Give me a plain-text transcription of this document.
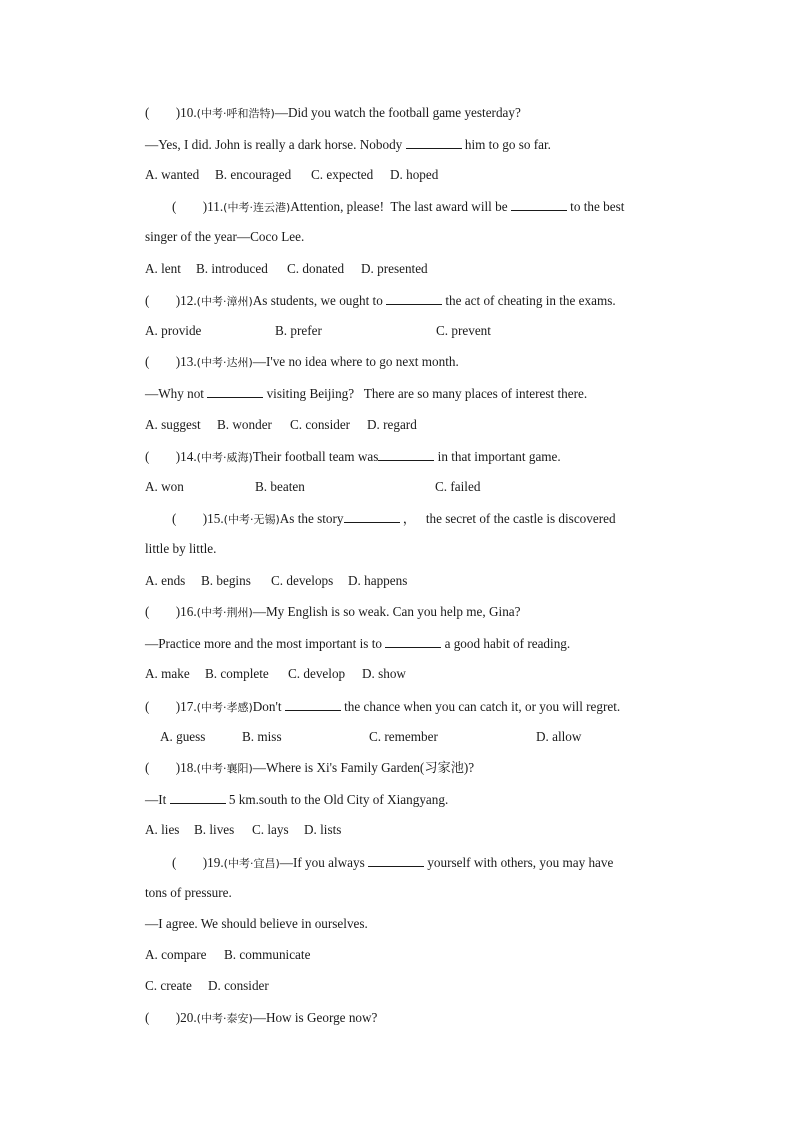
(        )10.(中考·呼和浩特)—Did you watch the football game yesterday?
—Yes, I did. John is really a dark horse. Nobody	him to go so far.
A. wanted	B. encouraged	C. expected	D. hoped
(        )11.(中考·连云港)Attention, please!  The last award will be	to the best
singer of the year—Coco Lee.
A. lent	B. introduced	C. donated	D. presented
(        )12.(中考·漳州)As students, we ought to	the act of cheating in the exams.
A. provide	B. prefer	C. prevent
(        )13.(中考·达州)—I've no idea where to go next month.
—Why not	visiting Beijing?   There are so many places of interest there.
A. suggest	B. wonder	C. consider	D. regard
(        )14.(中考·威海)Their football team was	in that important game.
A. won	B. beaten	C. failed
(        )15.(中考·无锡)As the story	，   the secret of the castle is discovered
little by little.
A. ends	B. begins	C. develops	D. happens
(        )16.(中考·荆州)—My English is so weak. Can you help me, Gina?
—Practice more and the most important is to	a good habit of reading.
A. make	B. complete	C. develop	D. show
(        )17.(中考·孝感)Don't	the chance when you can catch it, or you will regret.
A. guess	B. miss	C. remember	D. allow
(        )18.(中考·襄阳)—Where is Xi's Family Garden(习家池)?
—It	5 km.south to the Old City of Xiangyang.
A. lies	B. lives	C. lays	D. lists
(        )19.(中考·宜昌)—If you always	yourself with others, you may have
tons of pressure.
—I agree. We should believe in ourselves.
A. compare	B. communicate
C. create	D. consider
(        )20.(中考·泰安)—How is George now?
